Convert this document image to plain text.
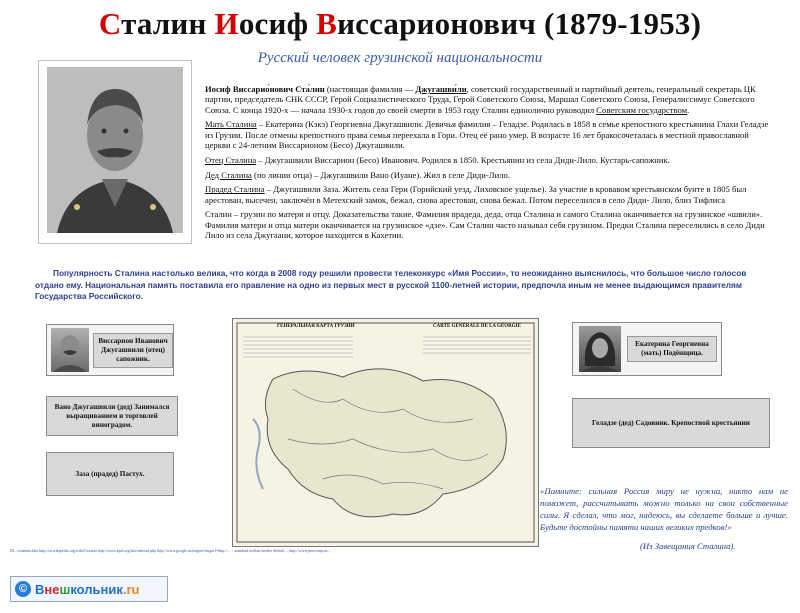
Сталин Иосиф Виссарионович (1879-1953)
Русский человек грузинской национальности

Иосиф Виссарио́нович Ста́лин (настоящая фамилия — Джугашви́ли, советский государственный и партийный деятель, генеральный секретарь ЦК партии, председатель СНК СССР, Герой Социалистического Труда, Герой Советского Союза, Маршал Советского Союза, Генералиссимус Советского Союза. С конца 1920-х — начала 1930-х годов до своей смерти в 1953 году Сталин единолично руководил Советским государством.

Мать Сталина – Екатерина (Кэкэ) Георгиевна Джугашвили. Девичья фамилия – Геладзе. Родилась в 1858 в семье крепостного крестьянина Глахи Геладзе из Грузии. После отмены крепостного права семья переехала в Гори. Отец её рано умер. В возрасте 16 лет бракосочеталась в местной православной церкви с 24-летним Виссарионом (Бесо) Джугашвили.

Отец Сталина – Джугашвили Виссарион (Бесо) Иванович. Родился в 1850. Крестьянин из села Диди-Лило. Кустарь-сапожник.

Дед Сталина (по линии отца) – Джугашвили Вано (Иуане). Жил в селе Диди-Лило.

Прадед Сталина – Джугашвили Заза. Житель села Гери (Горийский уезд, Лиховское ущелье). За участие в кровавом крестьянском бунте в 1805 был арестован, высечен, заключён в Метехский замок, бежал, снова арестован, снова бежал. Потом переселился в село Диди- Лило, близ Тифлиса

Сталин – грузин по матери и отцу. Доказательства такие. Фамилия прадеда, деда, отца Сталина и самого Сталина оканчивается на грузинское «швили». Фамилия матери и отца матери оканчивается на грузинское «дзе». Сам Сталин часто называл себя грузином. Предки Сталина переселились в село Диди Лило из села Джугаани, которое находится в Кахетии.

Популярность Сталина настолько велика, что когда в 2008 году решили провести телеконкурс «Имя России», то неожиданно выяснилось, что большое число голосов отдано ему. Национальная память поставила его правление на одно из первых мест в русской 1100-летней истории, предпочла иным не менее выдающимся правителям Государства Российского.
Виссарион Иванович Джугашвили (отец) сапожник.
Вано Джугашвили (дед) Занимался выращиванием и торговлей виноградом.
Заза (прадед) Пастух.
ГЕНЕРАЛЬНАЯ КАРТА ГРУЗИИ	CARTE GÉNÉRALE DE LA GÉORGIE
Екатерина Георгиевна (мать) Подёнщица.
Геладзе (дед) Садовник. Крепостной крестьянин
«Помните: сильная Россия миру не нужна, никто нам не поможет, рассчитывать можно только на свои собственные силы. Я сделал, что мог, надеюсь, вы сделаете больше и лучше. Будьте достойны памяти наших великих предков!»
(Из Завещания Сталина).
Ш...стоянии.htm http://ru.wikipedia.org/wiki/Сталин http://www.kprf.org/showthread.php http://www.google.ru/imgres?imgurl=http://... ...standard toolbar header default ... http://www.poecomp.ru/...
© В не ш кольник .ru
